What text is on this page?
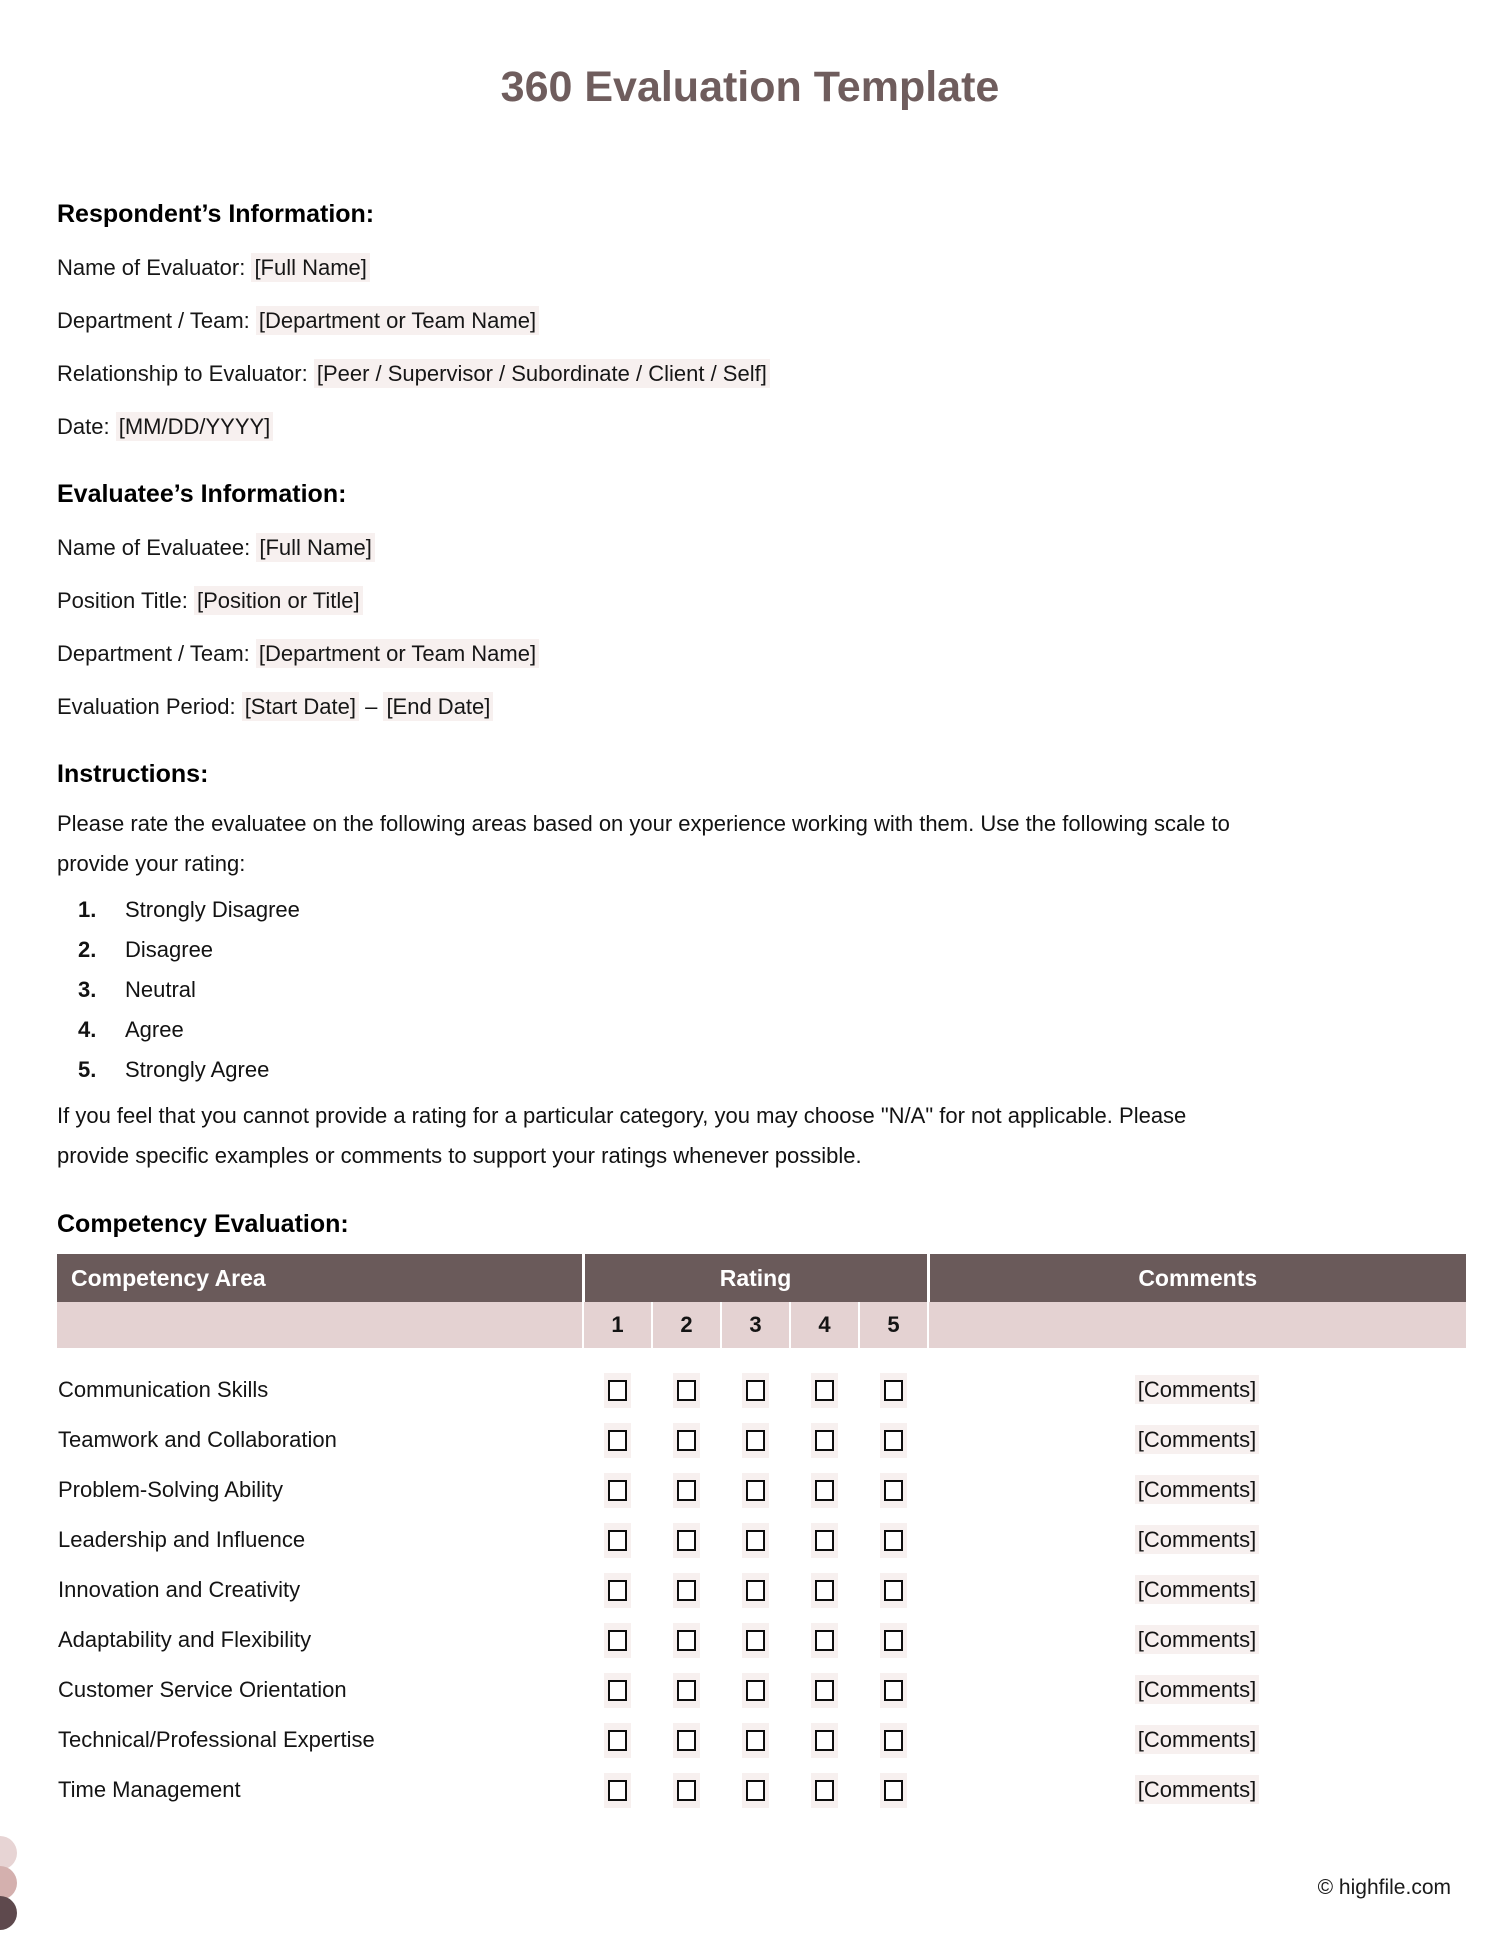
360 Evaluation Template
Respondent’s Information:

Name of Evaluator: [Full Name]

Department / Team: [Department or Team Name]

Relationship to Evaluator: [Peer / Supervisor / Subordinate / Client / Self]

Date: [MM/DD/YYYY]

Evaluatee’s Information:

Name of Evaluatee: [Full Name]

Position Title: [Position or Title]

Department / Team: [Department or Team Name]

Evaluation Period: [Start Date] – [End Date]

Instructions:

Please rate the evaluatee on the following areas based on your experience working with them. Use the following scale to provide your rating:

1.	Strongly Disagree
2.	Disagree
3.	Neutral
4.	Agree
5.	Strongly Agree

If you feel that you cannot provide a rating for a particular category, you may choose "N/A" for not applicable. Please provide specific examples or comments to support your ratings whenever possible.

Competency Evaluation:
Competency Area	Rating					Comments
	1	2	3	4	5	
Communication Skills						[Comments]
Teamwork and Collaboration						[Comments]
Problem-Solving Ability						[Comments]
Leadership and Influence						[Comments]
Innovation and Creativity						[Comments]
Adaptability and Flexibility						[Comments]
Customer Service Orientation						[Comments]
Technical/Professional Expertise						[Comments]
Time Management						[Comments]
© highfile.com
